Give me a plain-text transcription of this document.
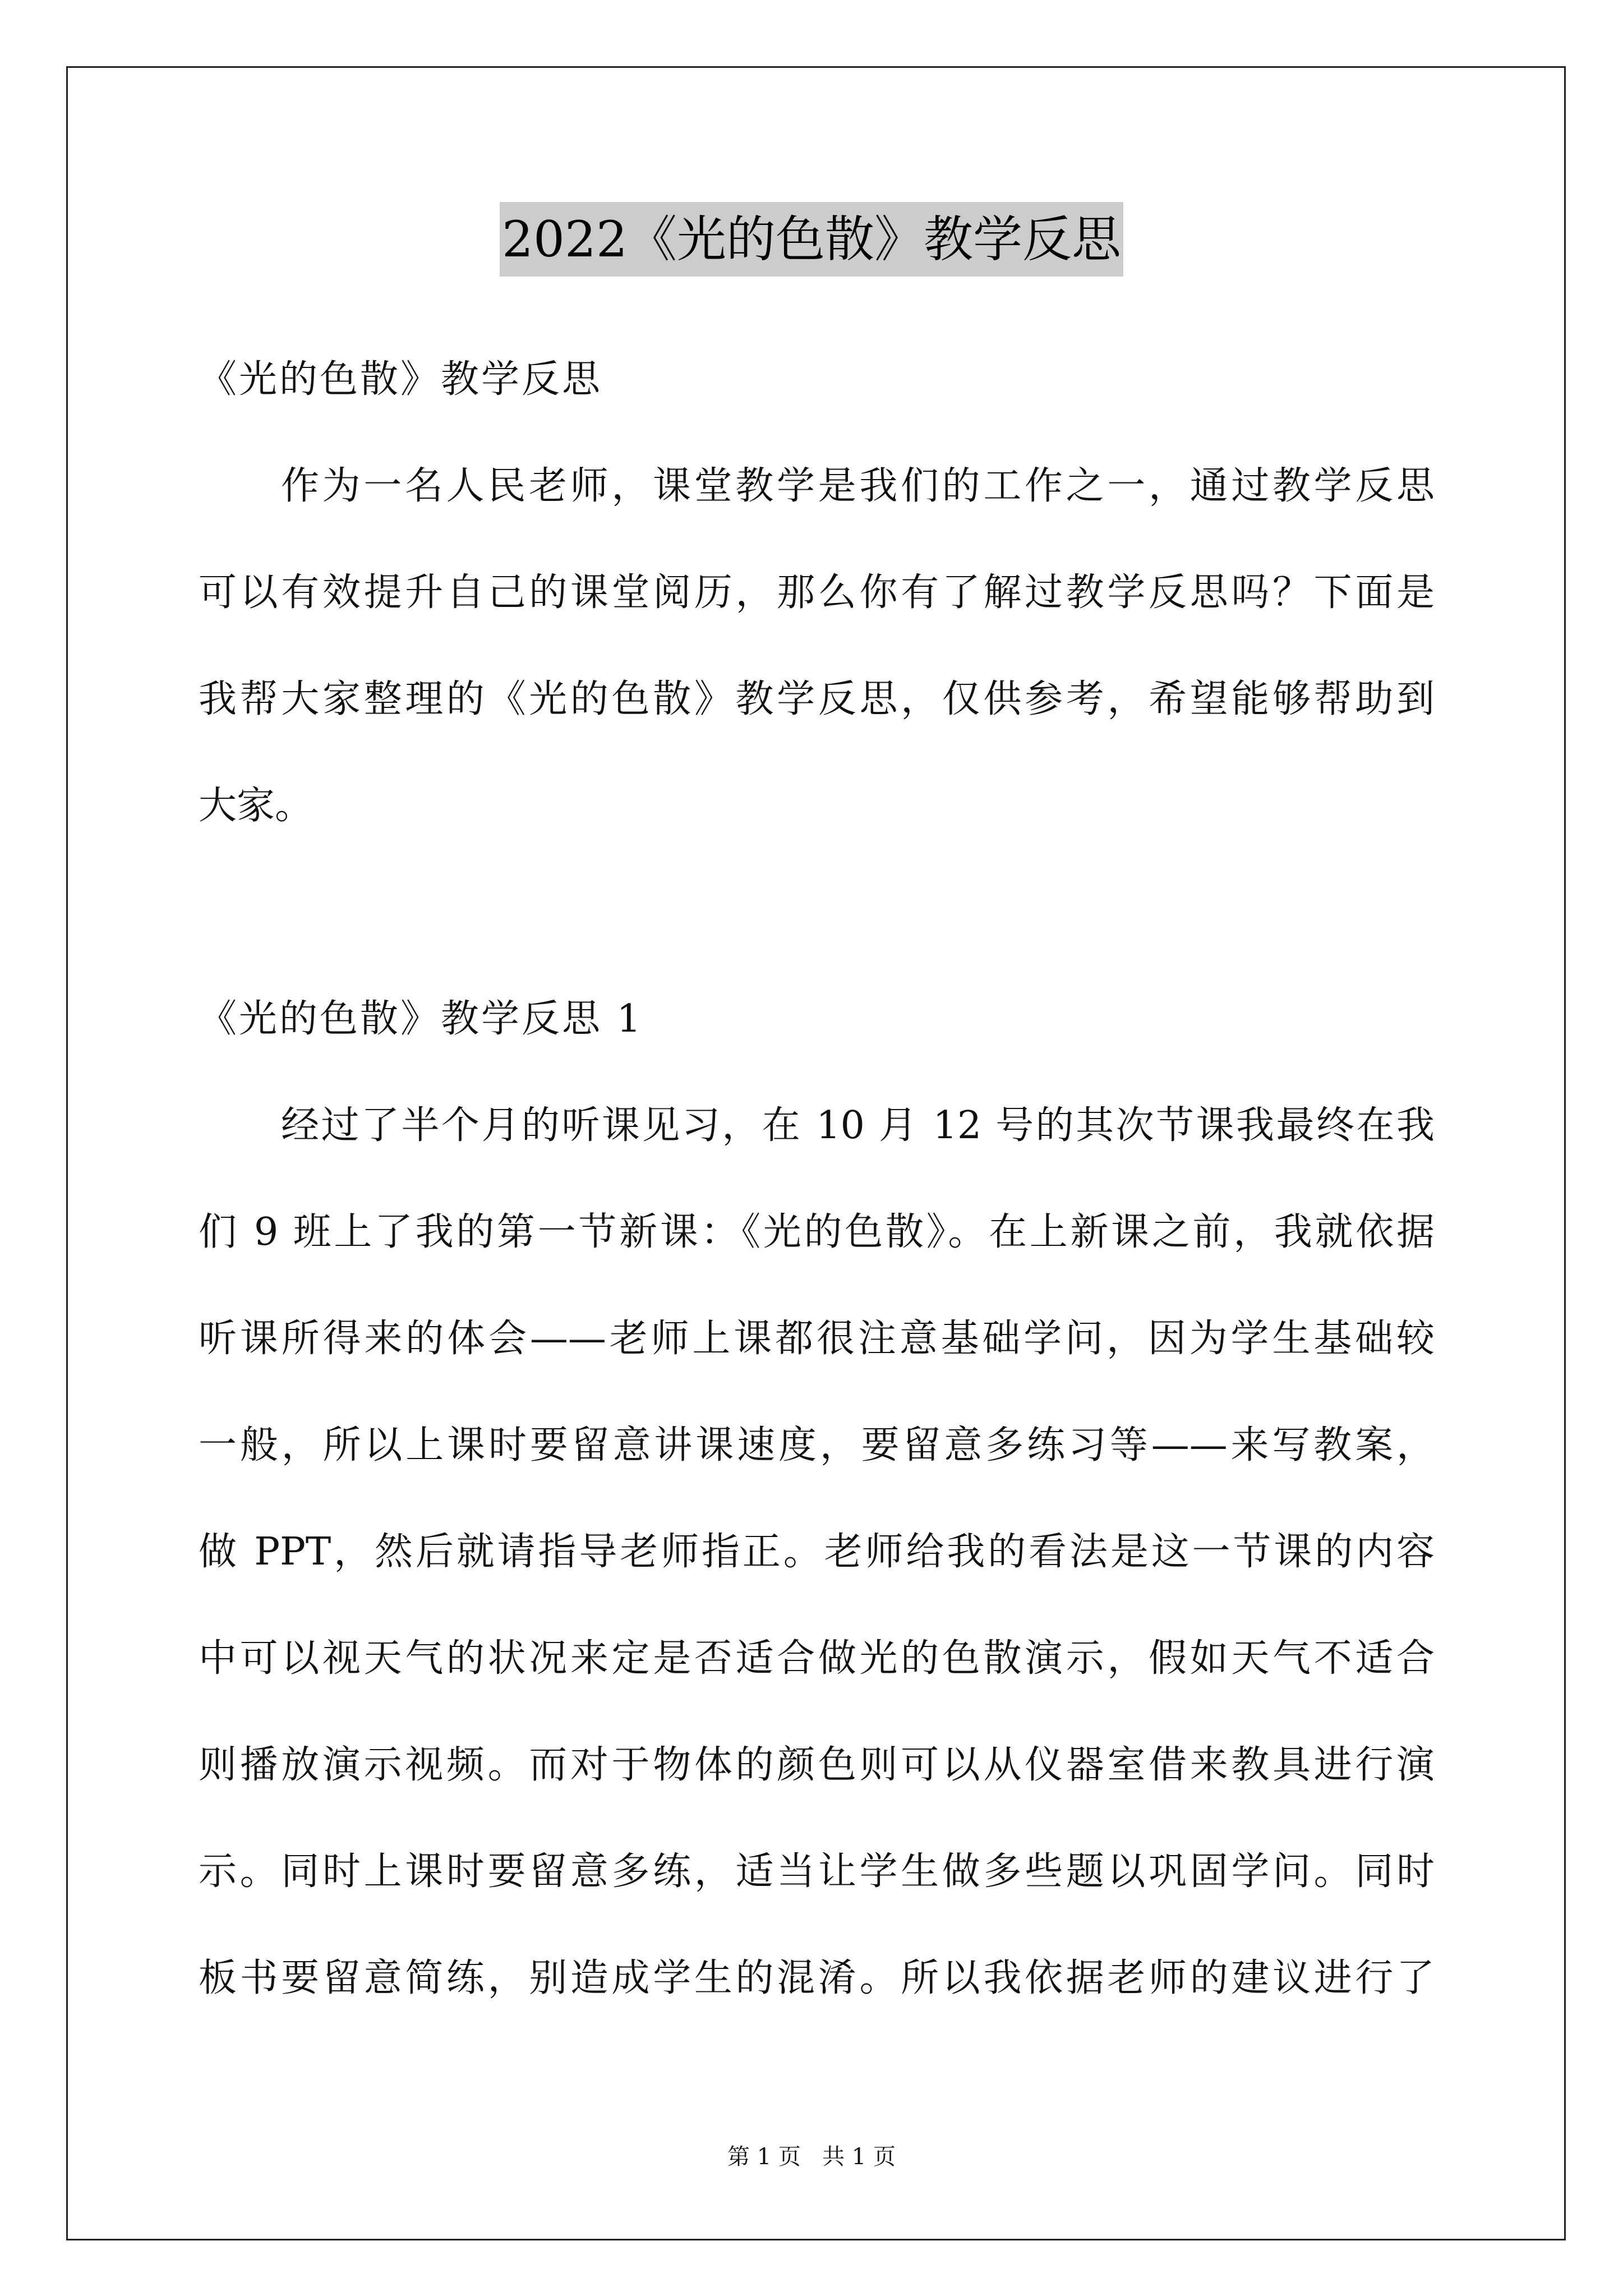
2022《光的色散》教学反思
《光的色散》教学反思
作为一名人民老师，课堂教学是我们的工作之一，通过教学反思
可以有效提升自己的课堂阅历，那么你有了解过教学反思吗？下面是
我帮大家整理的《光的色散》教学反思，仅供参考，希望能够帮助到
大家。
《光的色散》教学反思 1
经过了半个月的听课见习，在 10 月 12 号的其次节课我最终在我
们 9 班上了我的第一节新课：《光的色散》。在上新课之前，我就依据
听课所得来的体会——老师上课都很注意基础学问，因为学生基础较
一般，所以上课时要留意讲课速度，要留意多练习等——来写教案，
做 PPT，然后就请指导老师指正。老师给我的看法是这一节课的内容
中可以视天气的状况来定是否适合做光的色散演示，假如天气不适合
则播放演示视频。而对于物体的颜色则可以从仪器室借来教具进行演
示。同时上课时要留意多练，适当让学生做多些题以巩固学问。同时
板书要留意简练，别造成学生的混淆。所以我依据老师的建议进行了
第 1 页   共 1 页
